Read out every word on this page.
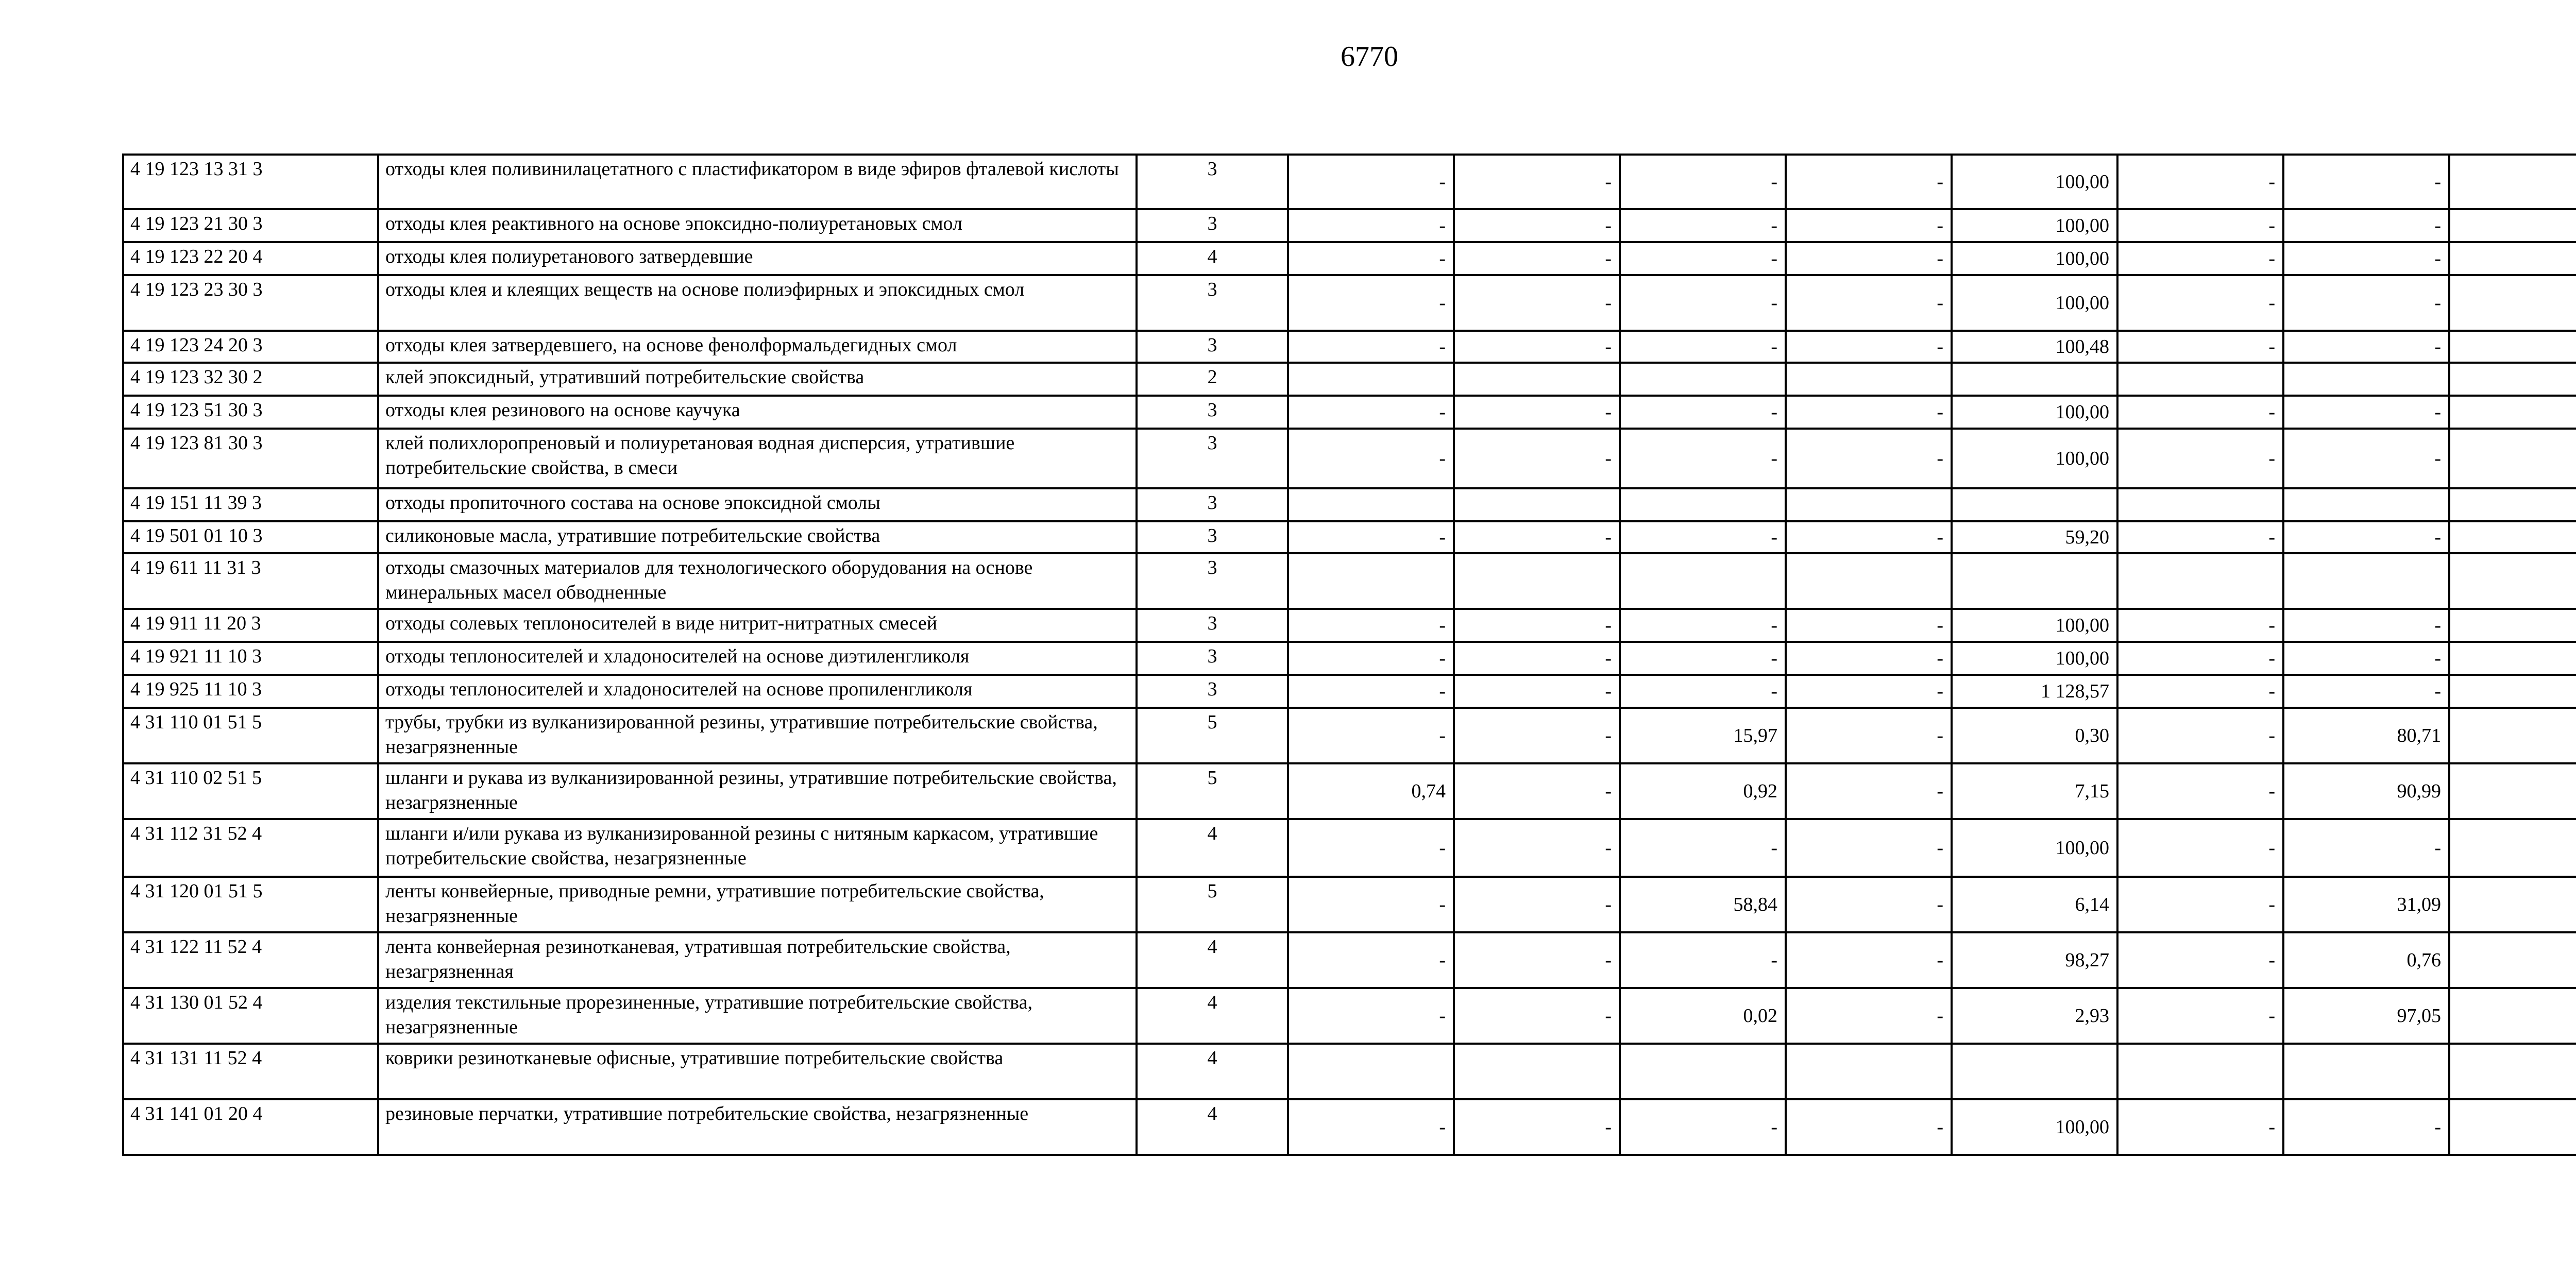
6770
4 19 123 13 31 3	отходы клея поливинилацетатного с пластификатором в виде эфиров фталевой кислоты	3	-	-	-	-	100,00	-	-	
4 19 123 21 30 3	отходы клея реактивного на основе эпоксидно-полиуретановых смол	3	-	-	-	-	100,00	-	-	
4 19 123 22 20 4	отходы клея полиуретанового затвердевшие	4	-	-	-	-	100,00	-	-	
4 19 123 23 30 3	отходы клея и клеящих веществ на основе полиэфирных и эпоксидных смол	3	-	-	-	-	100,00	-	-	
4 19 123 24 20 3	отходы клея затвердевшего, на основе фенолформальдегидных смол	3	-	-	-	-	100,48	-	-	
4 19 123 32 30 2	клей эпоксидный, утративший потребительские свойства	2								
4 19 123 51 30 3	отходы клея резинового на основе каучука	3	-	-	-	-	100,00	-	-	
4 19 123 81 30 3	клей полихлоропреновый и полиуретановая водная дисперсия, утратившие потребительские свойства, в смеси	3	-	-	-	-	100,00	-	-	
4 19 151 11 39 3	отходы пропиточного состава на основе эпоксидной смолы	3								
4 19 501 01 10 3	силиконовые масла, утратившие потребительские свойства	3	-	-	-	-	59,20	-	-	
4 19 611 11 31 3	отходы смазочных материалов для технологического оборудования на основе минеральных масел обводненные	3								
4 19 911 11 20 3	отходы солевых теплоносителей в виде нитрит-нитратных смесей	3	-	-	-	-	100,00	-	-	
4 19 921 11 10 3	отходы теплоносителей и хладоносителей на основе диэтиленгликоля	3	-	-	-	-	100,00	-	-	
4 19 925 11 10 3	отходы теплоносителей и хладоносителей на основе пропиленгликоля	3	-	-	-	-	1 128,57	-	-	
4 31 110 01 51 5	трубы, трубки из вулканизированной резины, утратившие потребительские свойства, незагрязненные	5	-	-	15,97	-	0,30	-	80,71	
4 31 110 02 51 5	шланги и рукава из вулканизированной резины, утратившие потребительские свойства, незагрязненные	5	0,74	-	0,92	-	7,15	-	90,99	
4 31 112 31 52 4	шланги и/или рукава из вулканизированной резины с нитяным каркасом, утратившие потребительские свойства, незагрязненные	4	-	-	-	-	100,00	-	-	
4 31 120 01 51 5	ленты конвейерные, приводные ремни, утратившие потребительские свойства, незагрязненные	5	-	-	58,84	-	6,14	-	31,09	
4 31 122 11 52 4	лента конвейерная резинотканевая, утратившая потребительские свойства, незагрязненная	4	-	-	-	-	98,27	-	0,76	
4 31 130 01 52 4	изделия текстильные прорезиненные, утратившие потребительские свойства, незагрязненные	4	-	-	0,02	-	2,93	-	97,05	
4 31 131 11 52 4	коврики резинотканевые офисные, утратившие потребительские свойства	4								
4 31 141 01 20 4	резиновые перчатки, утратившие потребительские свойства, незагрязненные	4	-	-	-	-	100,00	-	-	
